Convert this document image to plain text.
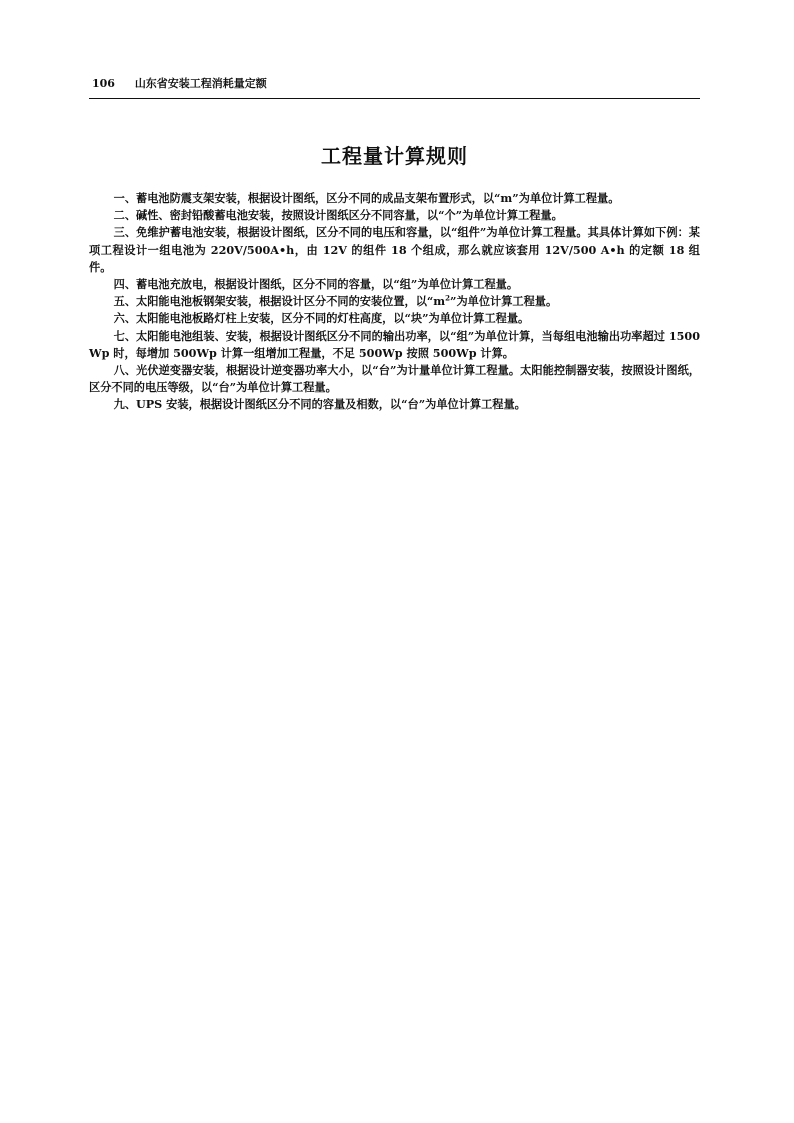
106 山东省安装工程消耗量定额
工程量计算规则

一、蓄电池防震支架安装，根据设计图纸，区分不同的成品支架布置形式，以“m”为单位计算工程量。

二、碱性、密封铅酸蓄电池安装，按照设计图纸区分不同容量，以“个”为单位计算工程量。

三、免维护蓄电池安装，根据设计图纸，区分不同的电压和容量，以“组件”为单位计算工程量。其具体计算如下例：某项工程设计一组电池为 220V/500A•h，由 12V 的组件 18 个组成，那么就应该套用 12V/500 A•h 的定额 18 组件。

四、蓄电池充放电，根据设计图纸，区分不同的容量，以“组”为单位计算工程量。

五、太阳能电池板钢架安装，根据设计区分不同的安装位置，以“$m^2$”为单位计算工程量。

六、太阳能电池板路灯柱上安装，区分不同的灯柱高度，以“块”为单位计算工程量。

七、太阳能电池组装、安装，根据设计图纸区分不同的输出功率，以“组”为单位计算，当每组电池输出功率超过 1500Wp 时，每增加 500Wp 计算一组增加工程量，不足 500Wp 按照 500Wp 计算。

八、光伏逆变器安装，根据设计逆变器功率大小，以“台”为计量单位计算工程量。太阳能控制器安装，按照设计图纸，区分不同的电压等级，以“台”为单位计算工程量。

九、UPS 安装，根据设计图纸区分不同的容量及相数，以“台”为单位计算工程量。
